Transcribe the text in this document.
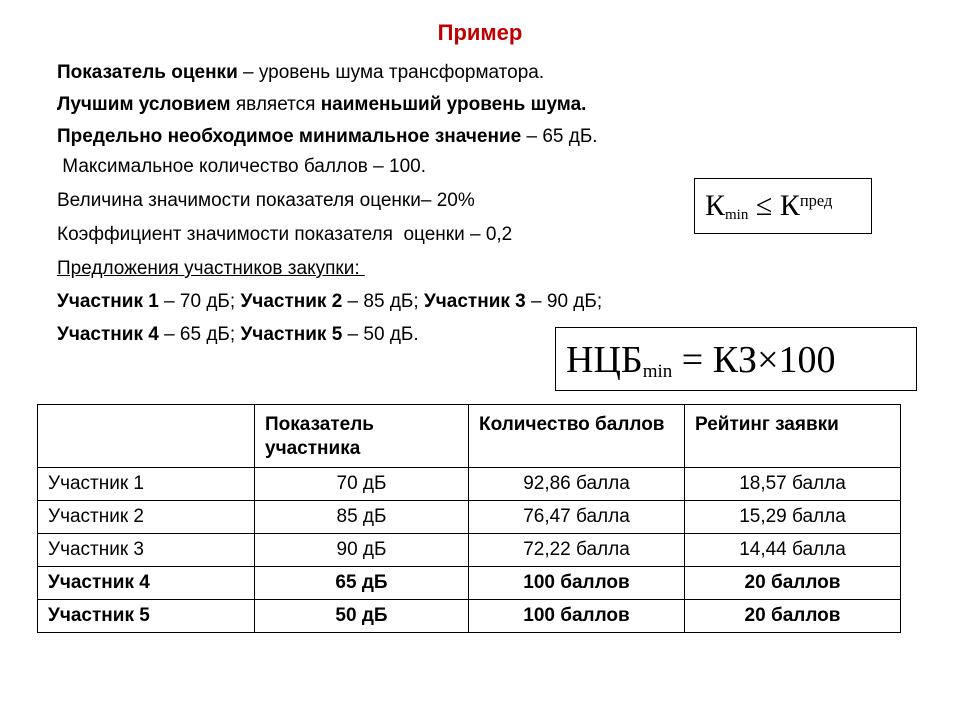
Пример
Показатель оценки – уровень шума трансформатора.
Лучшим условием является наименьший уровень шума.
Предельно необходимое минимальное значение – 65 дБ.
Максимальное количество баллов – 100.
Величина значимости показателя оценки– 20%
Коэффициент значимости показателя  оценки – 0,2
Предложения участников закупки:
Участник 1 – 70 дБ; Участник 2 – 85 дБ; Участник 3 – 90 дБ;
Участник 4 – 65 дБ; Участник 5 – 50 дБ.
$К_{min} \le К^{пред}$
$НЦБ_{min} = КЗ\times 100$
	Показатель участника	Количество баллов	Рейтинг заявки
Участник 1	70 дБ	92,86 балла	18,57 балла
Участник 2	85 дБ	76,47 балла	15,29 балла
Участник 3	90 дБ	72,22 балла	14,44 балла
Участник 4	65 дБ	100 баллов	20 баллов
Участник 5	50 дБ	100 баллов	20 баллов
